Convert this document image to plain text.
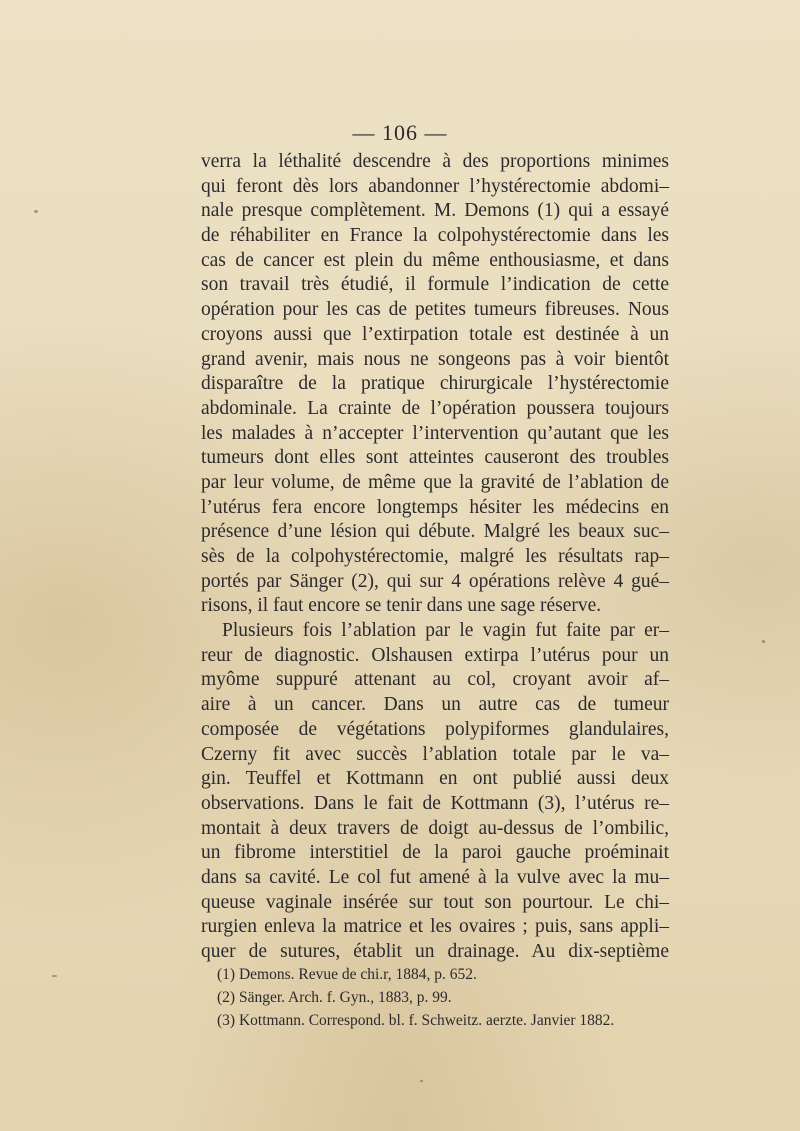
— 106 —
verra la léthalité descendre à des proportions minimes
qui feront dès lors abandonner l’hystérectomie abdomi–
nale presque complètement. M. Demons (1) qui a essayé
de réhabiliter en France la colpohystérectomie dans les
cas de cancer est plein du même enthousiasme, et dans
son travail très étudié, il formule l’indication de cette
opération pour les cas de petites tumeurs fibreuses. Nous
croyons aussi que l’extirpation totale est destinée à un
grand avenir, mais nous ne songeons pas à voir bientôt
disparaître de la pratique chirurgicale l’hystérectomie
abdominale. La crainte de l’opération poussera toujours
les malades à n’accepter l’intervention qu’autant que les
tumeurs dont elles sont atteintes causeront des troubles
par leur volume, de même que la gravité de l’ablation de
l’utérus fera encore longtemps hésiter les médecins en
présence d’une lésion qui débute. Malgré les beaux suc–
sès de la colpohystérectomie, malgré les résultats rap–
portés par Sänger (2), qui sur 4 opérations relève 4 gué–
risons, il faut encore se tenir dans une sage réserve.
Plusieurs fois l’ablation par le vagin fut faite par er–
reur de diagnostic. Olshausen extirpa l’utérus pour un
myôme suppuré attenant au col, croyant avoir af–
aire à un cancer. Dans un autre cas de tumeur
composée de végétations polypiformes glandulaires,
Czerny fit avec succès l’ablation totale par le va–
gin. Teuffel et Kottmann en ont publié aussi deux
observations. Dans le fait de Kottmann (3), l’utérus re–
montait à deux travers de doigt au-dessus de l’ombilic,
un fibrome interstitiel de la paroi gauche proéminait
dans sa cavité. Le col fut amené à la vulve avec la mu–
queuse vaginale insérée sur tout son pourtour. Le chi–
rurgien enleva la matrice et les ovaires ; puis, sans appli–
quer de sutures, établit un drainage. Au dix-septième
(1) Demons. Revue de chi.r, 1884, p. 652.
(2) Sänger. Arch. f. Gyn., 1883, p. 99.
(3) Kottmann. Correspond. bl. f. Schweitz. aerzte. Janvier 1882.
